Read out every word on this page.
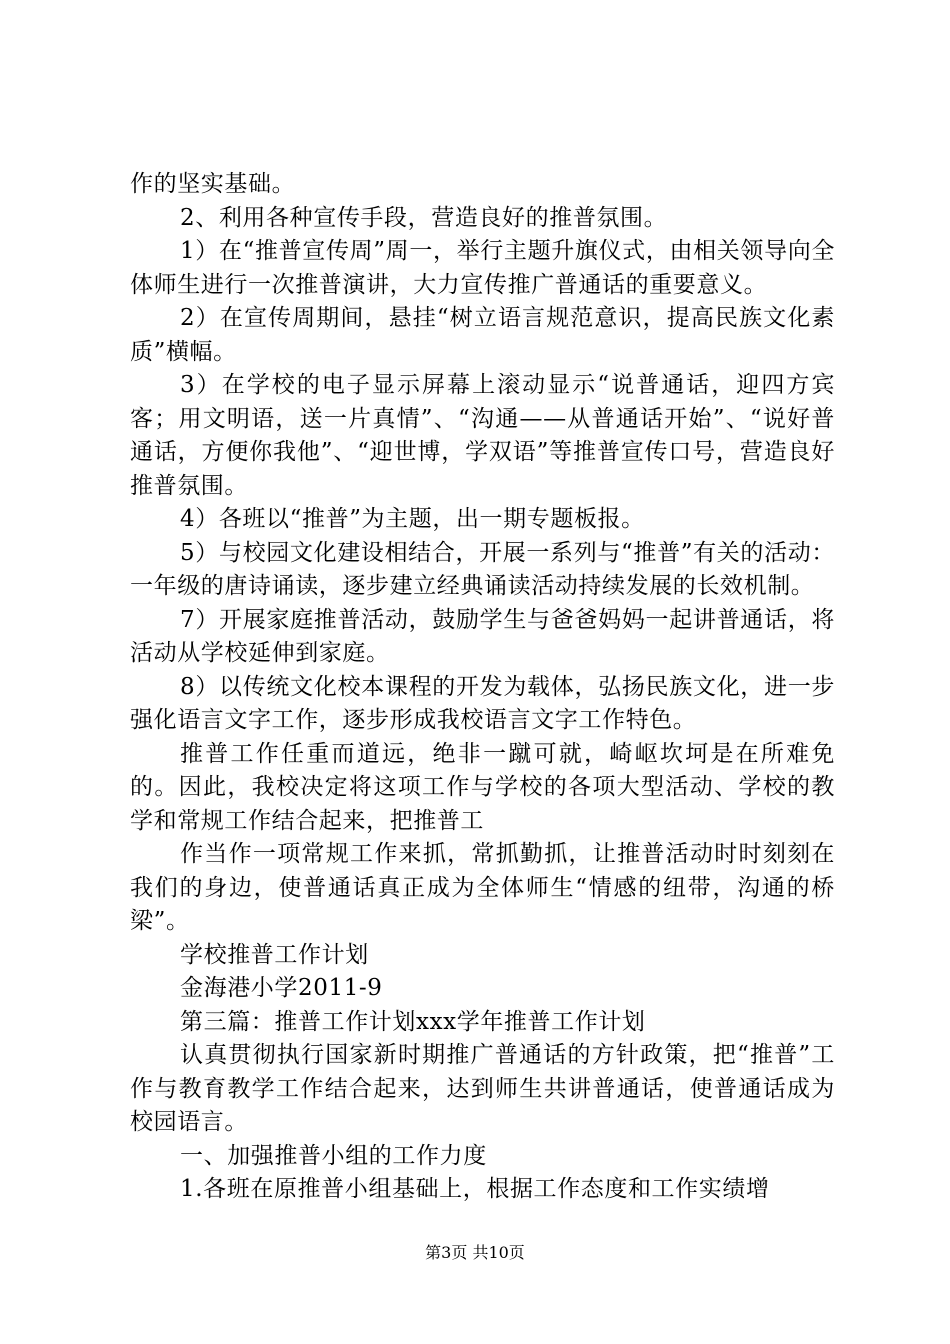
作的坚实基础。

2、利用各种宣传手段，营造良好的推普氛围。

1）在“推普宣传周”周一，举行主题升旗仪式，由相关领导向全体师生进行一次推普演讲，大力宣传推广普通话的重要意义。

2）在宣传周期间，悬挂“树立语言规范意识，提高民族文化素质”横幅。

3）在学校的电子显示屏幕上滚动显示“说普通话，迎四方宾客；用文明语，送一片真情”、“沟通——从普通话开始”、“说好普通话，方便你我他”、“迎世博，学双语”等推普宣传口号，营造良好推普氛围。

4）各班以“推普”为主题，出一期专题板报。

5）与校园文化建设相结合，开展一系列与“推普”有关的活动：一年级的唐诗诵读，逐步建立经典诵读活动持续发展的长效机制。

7）开展家庭推普活动，鼓励学生与爸爸妈妈一起讲普通话，将活动从学校延伸到家庭。

8）以传统文化校本课程的开发为载体，弘扬民族文化，进一步强化语言文字工作，逐步形成我校语言文字工作特色。

推普工作任重而道远，绝非一蹴可就，崎岖坎坷是在所难免的。因此，我校决定将这项工作与学校的各项大型活动、学校的教学和常规工作结合起来，把推普工

作当作一项常规工作来抓，常抓勤抓，让推普活动时时刻刻在我们的身边，使普通话真正成为全体师生“情感的纽带，沟通的桥梁”。

学校推普工作计划

金海港小学2011-9

第三篇：推普工作计划xxx学年推普工作计划

认真贯彻执行国家新时期推广普通话的方针政策，把“推普”工作与教育教学工作结合起来，达到师生共讲普通话，使普通话成为校园语言。

一、加强推普小组的工作力度

1.各班在原推普小组基础上，根据工作态度和工作实绩增

第3页 共10页
